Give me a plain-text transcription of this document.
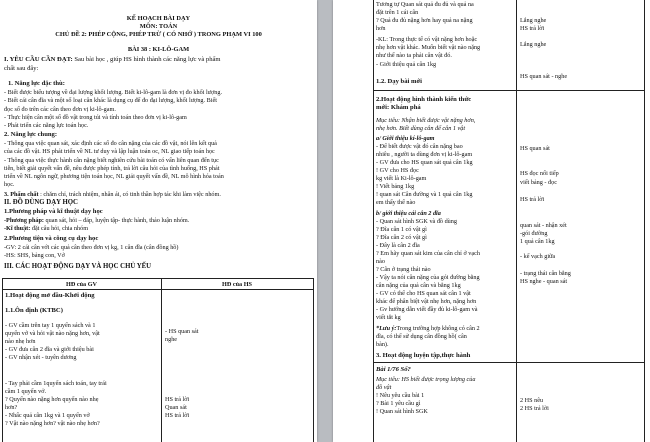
KẾ HOẠCH BÀI DẠY
MÔN: TOÁN
CHỦ ĐỀ 2: PHÉP CỘNG, PHÉP TRỪ ( CÓ NHỚ ) TRONG PHẠM VI 100
BÀI 38 : KI-LÔ-GAM
I. YÊU CẦU CẦN ĐẠT: Sau bài học , giúp HS hình thành các năng lực và phẩm
chất sau đây:
1. Năng lực đặc thù:
- Biết được biểu tượng về đại lượng khối lượng. Biết ki-lô-gam là đơn vị đo khối lượng.
- Biết cái cân đĩa và một số loại cân khác là dụng cụ để đo đại lượng, khối lượng. Biết
đọc số đo trên các cân theo đơn vị ki-lô-gam.
- Thực hiện cân một số đồ vật trong túi và tính toán theo đơn vị ki-lô-gam
- Phát triển các năng lực toán học.
2. Năng lực chung:
- Thông qua việc quan sát, xác định các số đo cân nặng của các đồ vật, nói lên kết quả
của các đồ vật. HS phát triển về NL tư duy và lập luận toán oc, NL giao tiếp toán học
- Thông qua việc thực hành cân nặng biết nghiên cứu bài toán có vấn liên quan đến tục
tiễn, biết giải quyết vấn đề, nêu được phép tính, trả lời câu hỏi của tình huống, HS phát
triển về NL ngôn ngữ, phương tiện toán học, NL giải quyết vấn đề, NL mô hình hóa toán
học.
3. Phẩm chất : chăm chỉ, trách nhiệm, nhân ái, có tinh thần hợp tác khi làm việc nhóm.
II. ĐỒ DÙNG DẠY HỌC
1.Phương pháp và kĩ thuật dạy học
-Phương pháp: quan sát, hỏi – đáp, luyện tập- thực hành, thảo luận nhóm.
-Kĩ thuật: đặt câu hỏi, chia nhóm
2.Phương tiện và công cụ dạy học
-GV: 2 cái cân với các quả cân theo đơn vị kg, 1 cân đĩa (cân đồng hồ)
-HS: SHS, bảng con, Vở
III. CÁC HOẠT ĐỘNG DẠY VÀ HỌC CHỦ YẾU
HĐ của GV	HĐ của HS
1.Hoạt động mở đầu-Khởi động
1.1.Ôn định (KTBC)
- GV cầm trên tay 1 quyển sách và 1
quyển vở và hỏi vật nào nặng hơn, vật
nào nhẹ hơn
- GV đưa cân 2 đĩa và giới thiệu bài
- GV nhận xét - tuyên dương
- HS quan sát
nghe
- Tay phải cầm 1quyển sách toán, tay trái
cầm 1 quyển vở.
? Quyển nào nặng hơn quyển nào nhẹ
hơn?
- Nhấc quả cân 1kg và 1 quyển vở
? Vật nào nặng hơn? vật nào nhẹ hơn?
HS trả lời
Quan sát
HS trả lời
Tương tự Quan sát quả đu đủ và quả na
đặt trên 1 cái cân
? Quả đu đủ nặng hơn hay quả na nặng
hơn
Lắng nghe
HS trả lời
-KL: Trong thực tế có vật nặng hơn hoặc
nhẹ hơn vật khác. Muốn biết vật nào nặng
như thế nào ta phải cân vật đó.
Lắng nghe
- Giới thiệu quả cân 1kg
HS quan sát - nghe
1.2. Dạy bài mới
2.Hoạt động hình thành kiến thức
mới: Khám phá
Mục tiêu: Nhận biết được vật nặng hơn,
nhẹ hơn. Biết dùng cân để cân 1 vật
a/ Giới thiệu kí-lô-gam
- Để biết được vật đó cân nặng bao
nhiêu , người ta dùng đơn vị ki-lô-gam
- GV đưa cho HS quan sát quả cân 1kg
! GV cho HS đọc
kg viết là Ki-lô-gam
! Viết bảng 1kg
! quan sát Cân đường và 1 quả cân 1kg
em thấy thế nào
HS quan sát
HS đọc nối tiếp
viết bảng - đọc
HS trả lời
b/ giới thiệu cái cân 2 đĩa
- Quan sát hình SGK và đồ dùng
? Đĩa cân 1 có vật gì
? Đĩa cân 2 có vật gì
- Đây là cân 2 đĩa
? Em hãy quan sát kim của cân chỉ ở vạch
nào
? Cân ở trạng thái nào
- Vậy ta nói cân nặng của gói đường bằng
cân nặng của quả cân và bằng 1kg
- GV có thể cho HS quan sát cân 1 vật
khác để phân biệt vật nhẹ hơn, nặng hơn
- Gv hướng dẫn viết đầy đủ ki-lô-gam và
viết tắt kg
quan sát - nhận xét
-gói đường
1 quả cân 1kg
- kể vạch giữa
- trạng thái cân bằng
HS nghe - quan sát
*Lưu ý:Trong trường hợp không có cân 2
đĩa, có thể sử dụng cân đồng hồ( cân
bàn).
3. Hoạt động luyện tập,thực hành
Bài 1/76 Số?
Mục tiêu: HS biết được trọng lượng của
đồ vật
! Nêu yêu cầu bài 1
? Bài 1 yêu cầu gì
! Quan sát hình SGK
2 HS nêu
2 HS trả lời
